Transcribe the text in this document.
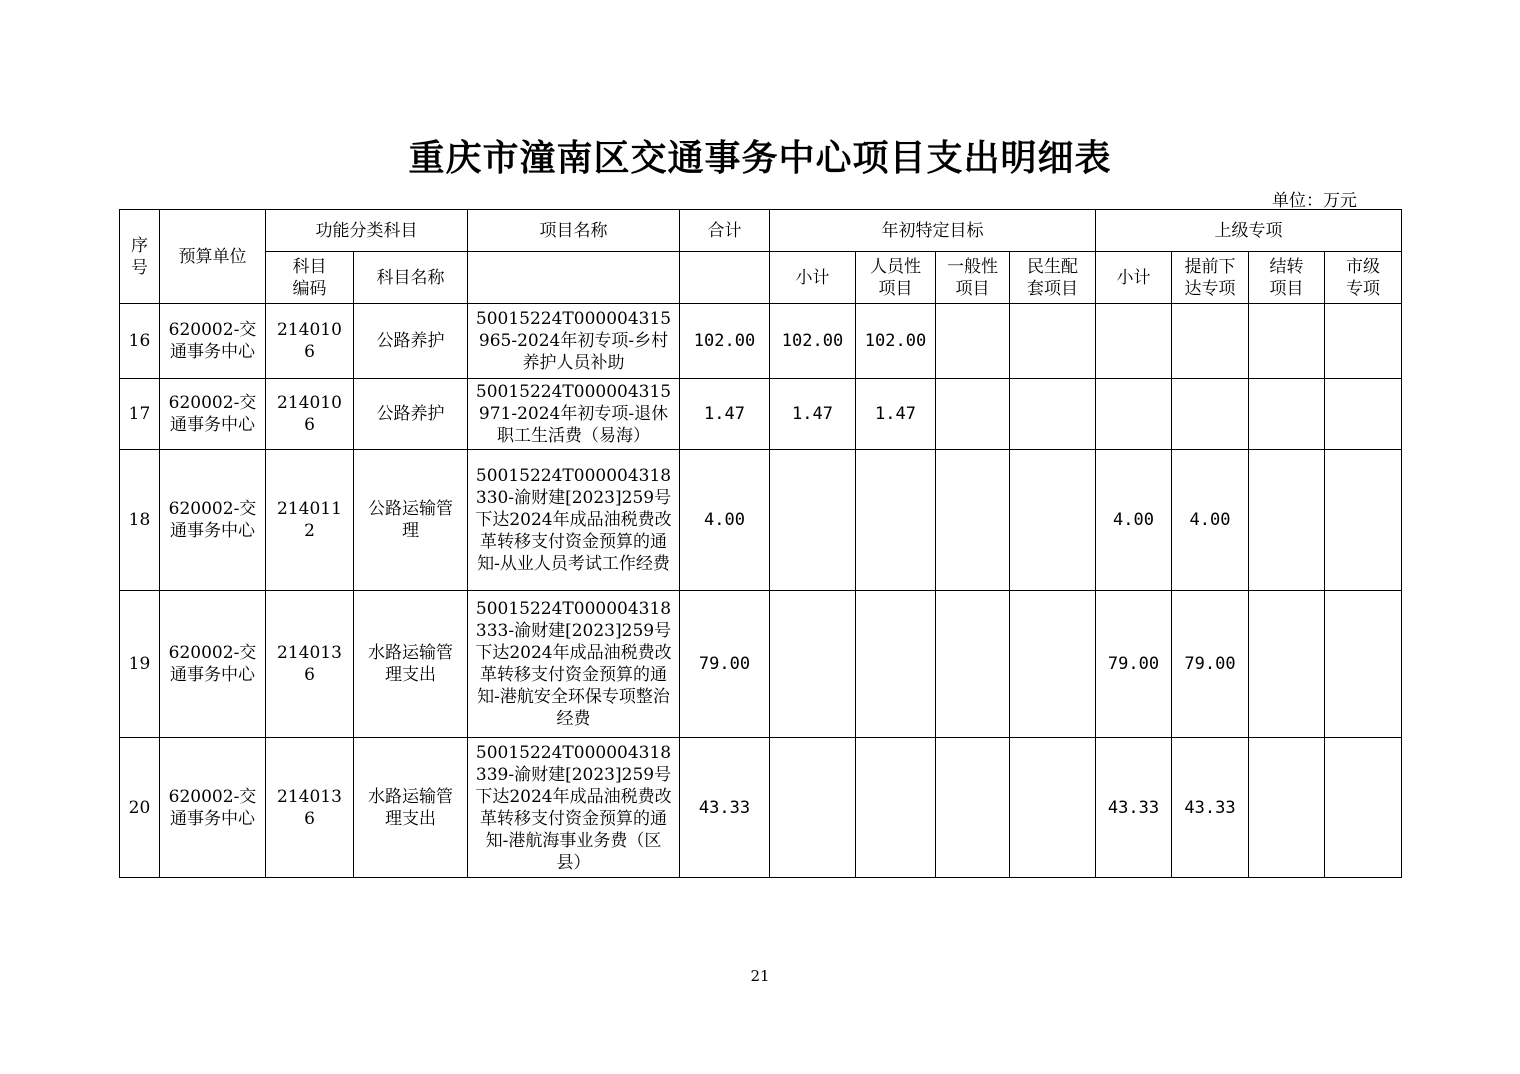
重庆市潼南区交通事务中心项目支出明细表
单位：万元
序号	预算单位	功能分类科目		项目名称	合计	年初特定目标				上级专项			
		科目编码	科目名称			小计	人员性项目	一般性项目	民生配套项目	小计	提前下达专项	结转项目	市级专项
16	620002-交通事务中心	2140106	公路养护	50015224T000004315965-2024年初专项-乡村养护人员补助	102.00	102.00	102.00						
17	620002-交通事务中心	2140106	公路养护	50015224T000004315971-2024年初专项-退休职工生活费（易海）	1.47	1.47	1.47						
18	620002-交通事务中心	2140112	公路运输管理	50015224T000004318330-渝财建[2023]259号下达2024年成品油税费改革转移支付资金预算的通知-从业人员考试工作经费	4.00					4.00	4.00		
19	620002-交通事务中心	2140136	水路运输管理支出	50015224T000004318333-渝财建[2023]259号下达2024年成品油税费改革转移支付资金预算的通知-港航安全环保专项整治经费	79.00					79.00	79.00		
20	620002-交通事务中心	2140136	水路运输管理支出	50015224T000004318339-渝财建[2023]259号下达2024年成品油税费改革转移支付资金预算的通知-港航海事业务费（区县）	43.33					43.33	43.33		
21
